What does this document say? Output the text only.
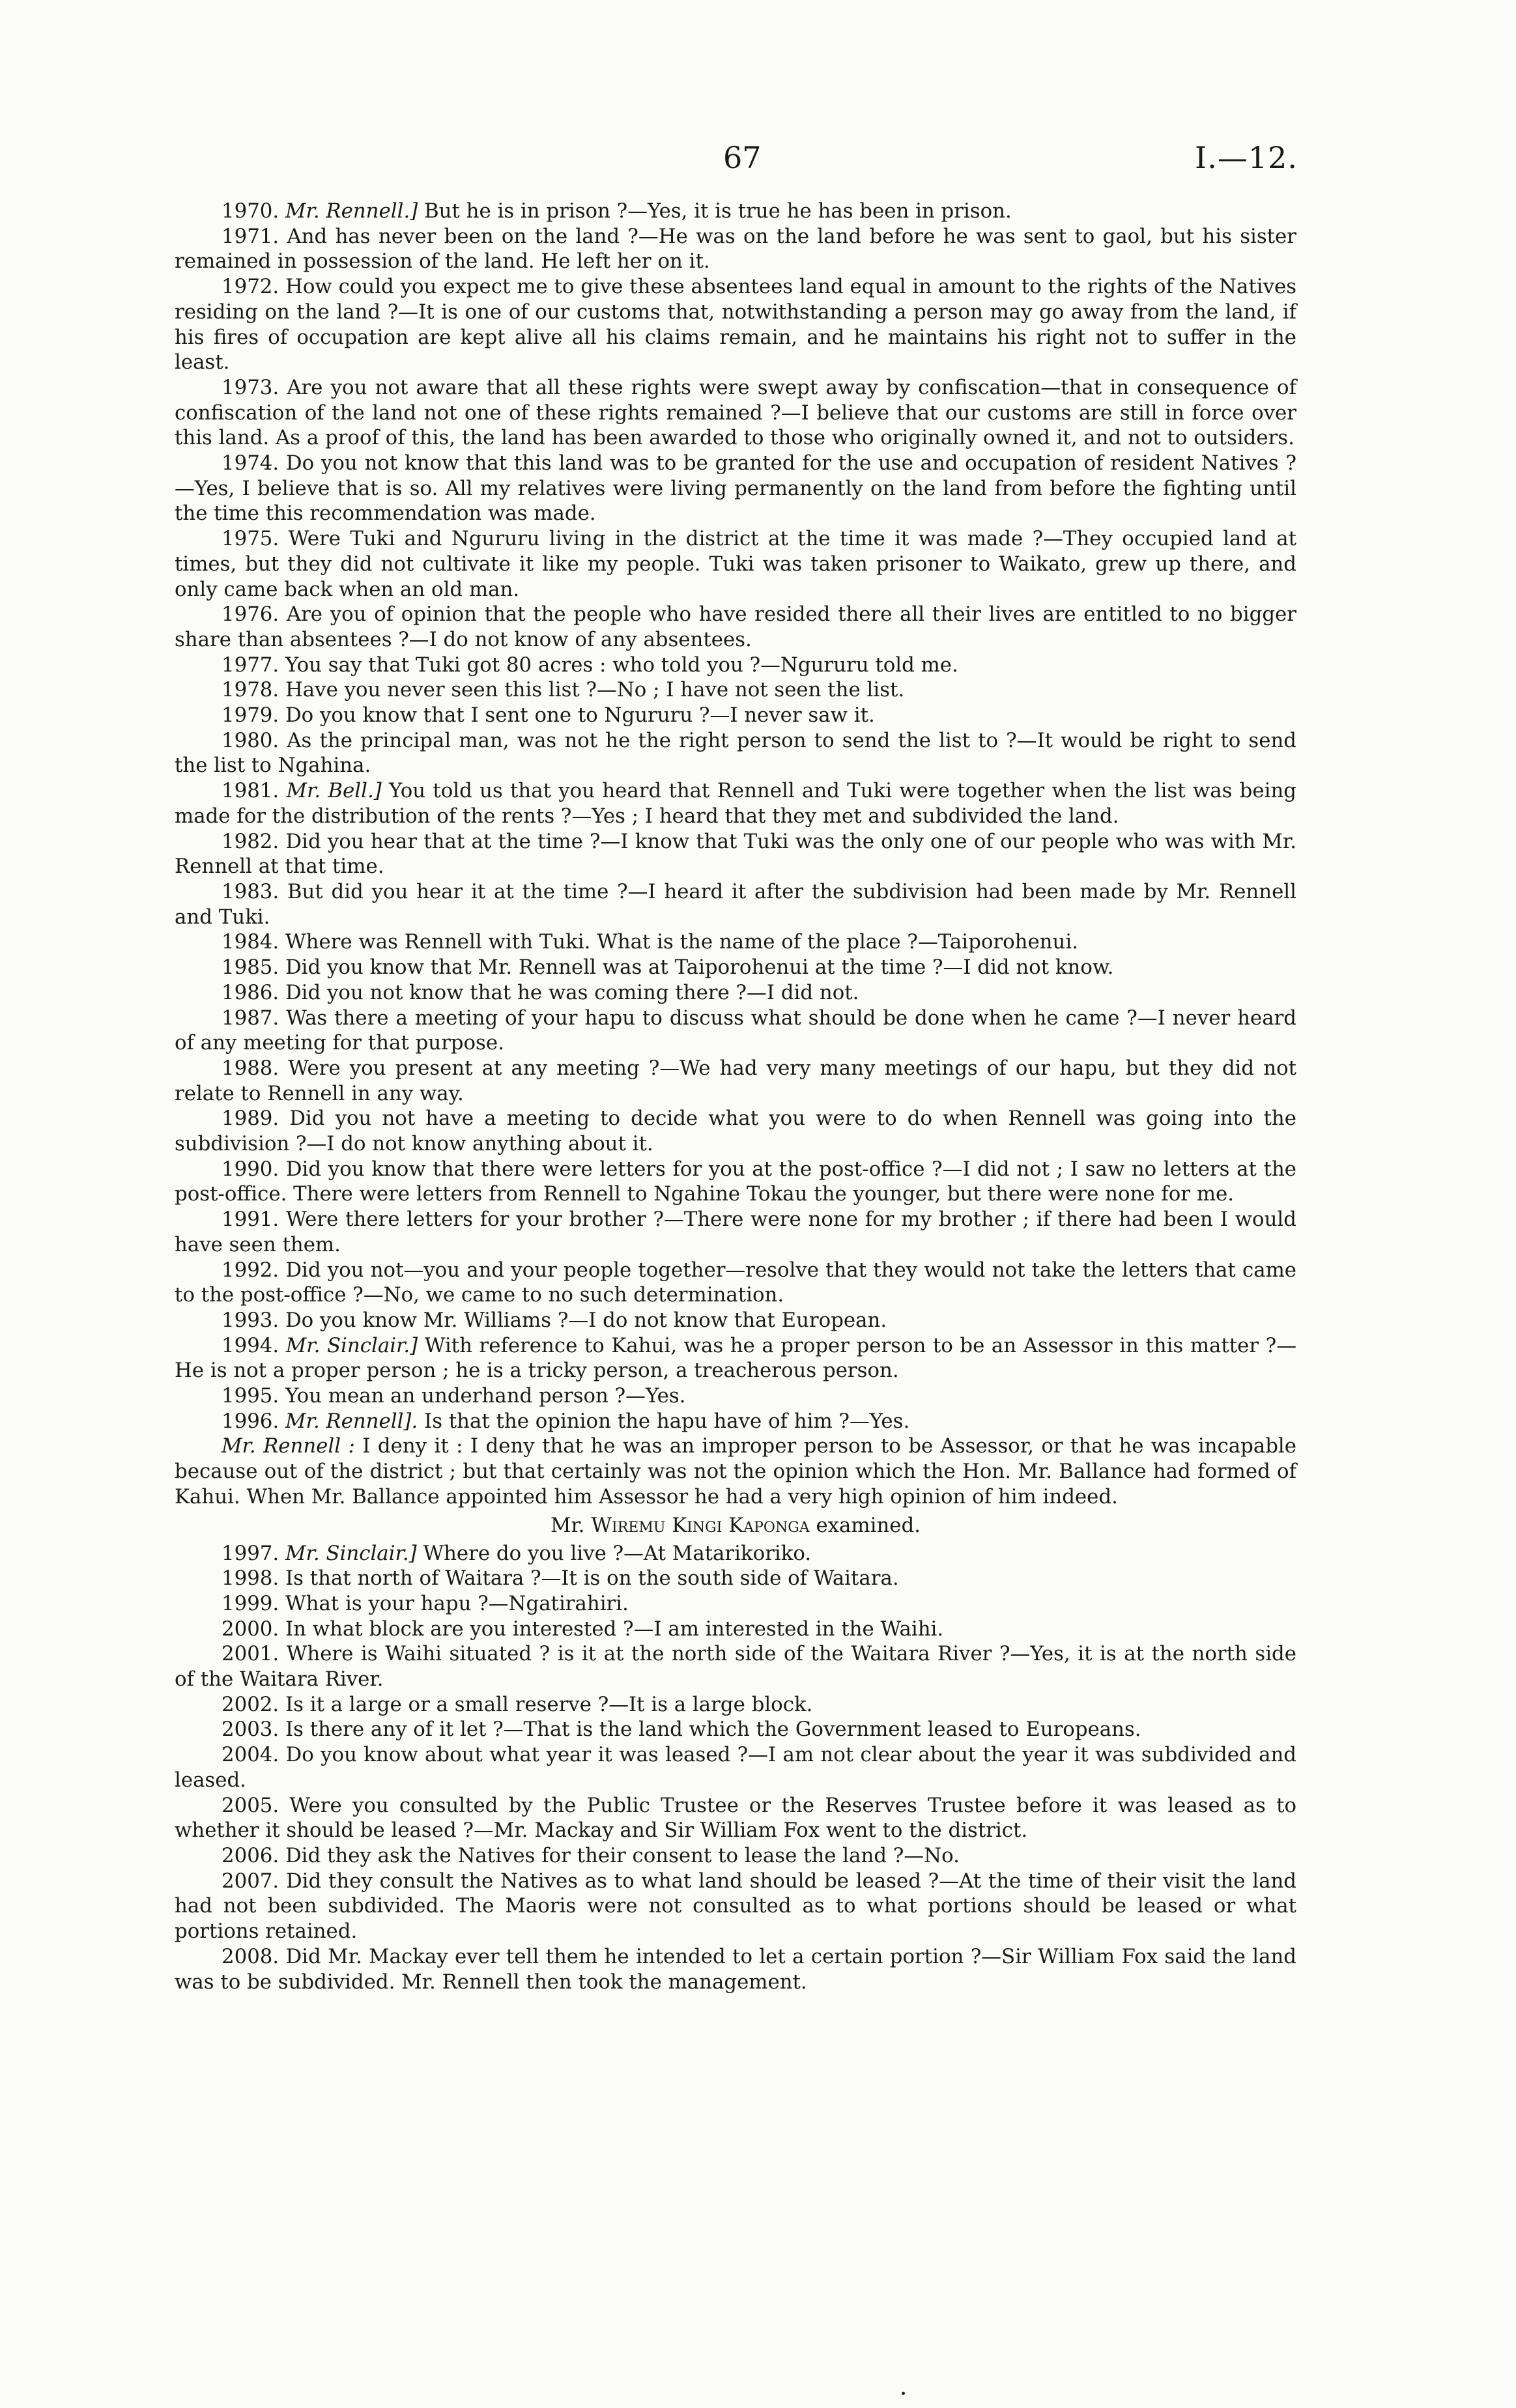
67	I.—12.

1970. Mr. Rennell.] But he is in prison ?—Yes, it is true he has been in prison.

1971. And has never been on the land ?—He was on the land before he was sent to gaol, but his sister remained in possession of the land. He left her on it.

1972. How could you expect me to give these absentees land equal in amount to the rights of the Natives residing on the land ?—It is one of our customs that, notwithstanding a person may go away from the land, if his fires of occupation are kept alive all his claims remain, and he maintains his right not to suffer in the least.

1973. Are you not aware that all these rights were swept away by confiscation—that in consequence of confiscation of the land not one of these rights remained ?—I believe that our customs are still in force over this land. As a proof of this, the land has been awarded to those who originally owned it, and not to outsiders.

1974. Do you not know that this land was to be granted for the use and occupation of resident Natives ?—Yes, I believe that is so. All my relatives were living permanently on the land from before the fighting until the time this recommendation was made.

1975. Were Tuki and Ngururu living in the district at the time it was made ?—They occupied land at times, but they did not cultivate it like my people. Tuki was taken prisoner to Waikato, grew up there, and only came back when an old man.

1976. Are you of opinion that the people who have resided there all their lives are entitled to no bigger share than absentees ?—I do not know of any absentees.

1977. You say that Tuki got 80 acres : who told you ?—Ngururu told me.

1978. Have you never seen this list ?—No ; I have not seen the list.

1979. Do you know that I sent one to Ngururu ?—I never saw it.

1980. As the principal man, was not he the right person to send the list to ?—It would be right to send the list to Ngahina.

1981. Mr. Bell.] You told us that you heard that Rennell and Tuki were together when the list was being made for the distribution of the rents ?—Yes ; I heard that they met and subdivided the land.

1982. Did you hear that at the time ?—I know that Tuki was the only one of our people who was with Mr. Rennell at that time.

1983. But did you hear it at the time ?—I heard it after the subdivision had been made by Mr. Rennell and Tuki.

1984. Where was Rennell with Tuki. What is the name of the place ?—Taiporohenui.

1985. Did you know that Mr. Rennell was at Taiporohenui at the time ?—I did not know.

1986. Did you not know that he was coming there ?—I did not.

1987. Was there a meeting of your hapu to discuss what should be done when he came ?—I never heard of any meeting for that purpose.

1988. Were you present at any meeting ?—We had very many meetings of our hapu, but they did not relate to Rennell in any way.

1989. Did you not have a meeting to decide what you were to do when Rennell was going into the subdivision ?—I do not know anything about it.

1990. Did you know that there were letters for you at the post-office ?—I did not ; I saw no letters at the post-office. There were letters from Rennell to Ngahine Tokau the younger, but there were none for me.

1991. Were there letters for your brother ?—There were none for my brother ; if there had been I would have seen them.

1992. Did you not—you and your people together—resolve that they would not take the letters that came to the post-office ?—No, we came to no such determination.

1993. Do you know Mr. Williams ?—I do not know that European.

1994. Mr. Sinclair.] With reference to Kahui, was he a proper person to be an Assessor in this matter ?—He is not a proper person ; he is a tricky person, a treacherous person.

1995. You mean an underhand person ?—Yes.

1996. Mr. Rennell]. Is that the opinion the hapu have of him ?—Yes.

Mr. Rennell : I deny it : I deny that he was an improper person to be Assessor, or that he was incapable because out of the district ; but that certainly was not the opinion which the Hon. Mr. Ballance had formed of Kahui. When Mr. Ballance appointed him Assessor he had a very high opinion of him indeed.

Mr. Wiremu Kingi Kaponga examined.

1997. Mr. Sinclair.] Where do you live ?—At Matarikoriko.

1998. Is that north of Waitara ?—It is on the south side of Waitara.

1999. What is your hapu ?—Ngatirahiri.

2000. In what block are you interested ?—I am interested in the Waihi.

2001. Where is Waihi situated ? is it at the north side of the Waitara River ?—Yes, it is at the north side of the Waitara River.

2002. Is it a large or a small reserve ?—It is a large block.

2003. Is there any of it let ?—That is the land which the Government leased to Europeans.

2004. Do you know about what year it was leased ?—I am not clear about the year it was subdivided and leased.

2005. Were you consulted by the Public Trustee or the Reserves Trustee before it was leased as to whether it should be leased ?—Mr. Mackay and Sir William Fox went to the district.

2006. Did they ask the Natives for their consent to lease the land ?—No.

2007. Did they consult the Natives as to what land should be leased ?—At the time of their visit the land had not been subdivided. The Maoris were not consulted as to what portions should be leased or what portions retained.

2008. Did Mr. Mackay ever tell them he intended to let a certain portion ?—Sir William Fox said the land was to be subdivided. Mr. Rennell then took the management.
